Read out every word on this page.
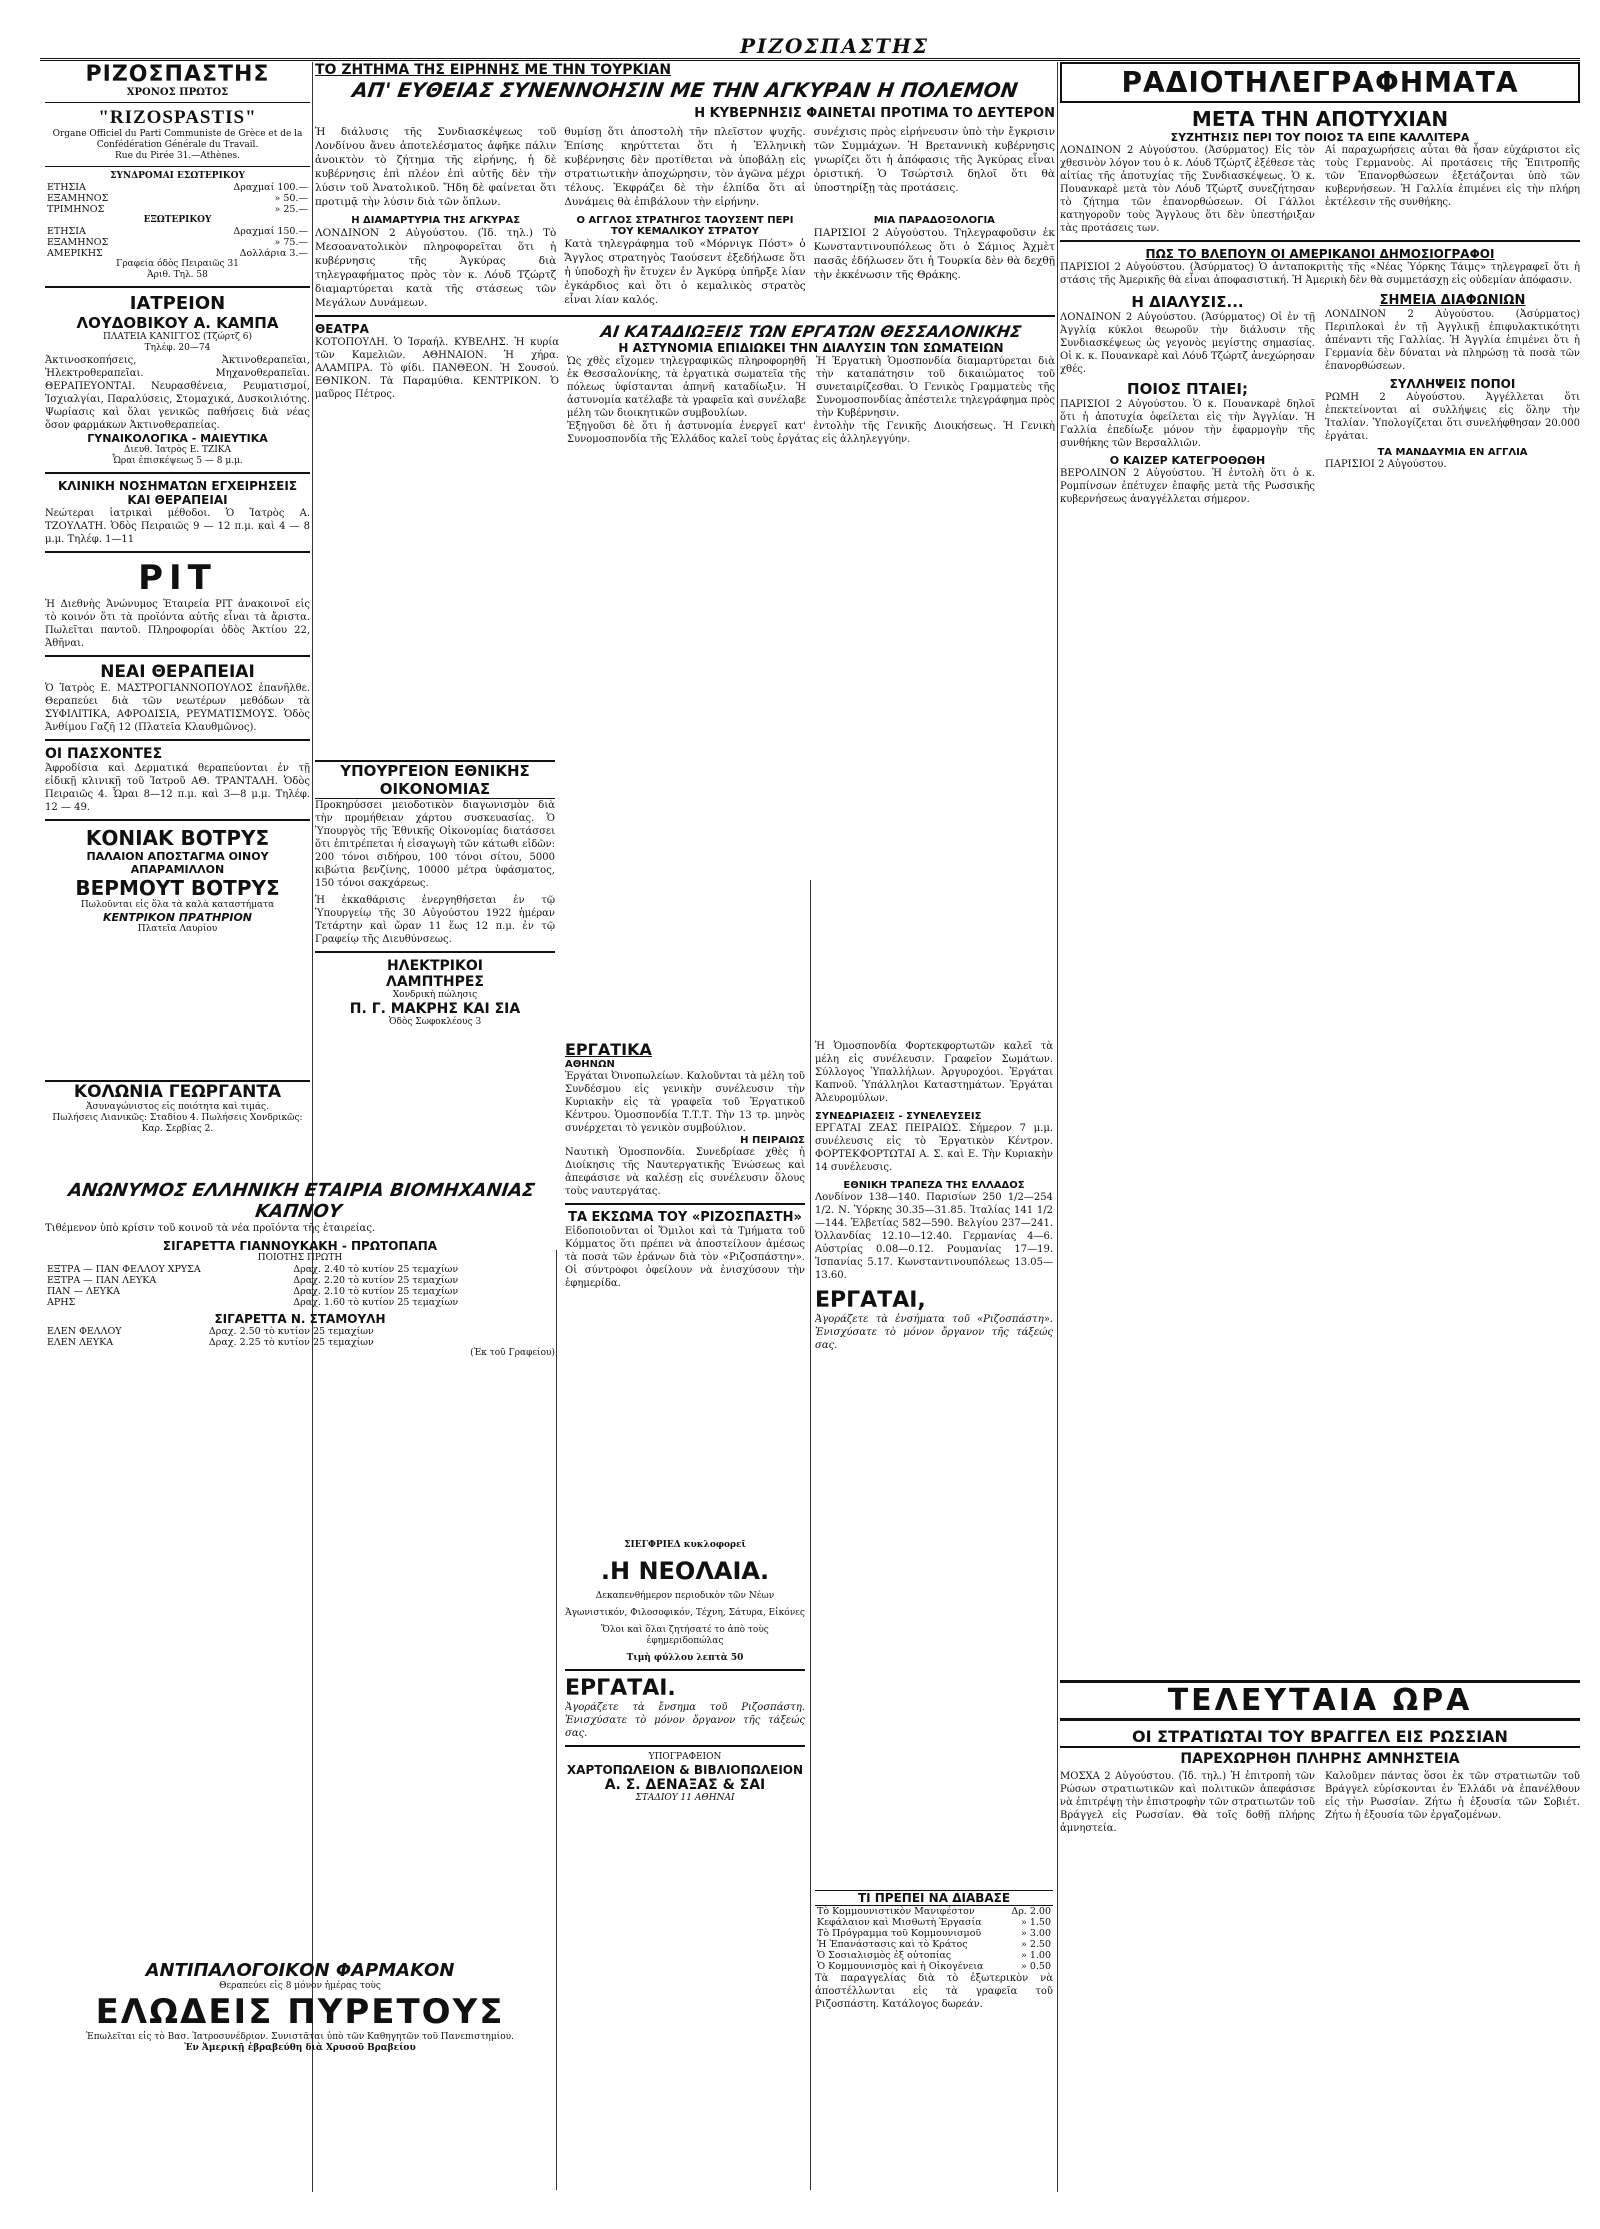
ΡΙΖΟΣΠΑΣΤΗΣ
ΡΙΖΟΣΠΑΣΤΗΣ
ΧΡΟΝΟΣ ΠΡΩΤΟΣ
"RIZOSPASTIS"
Organe Officiel du Parti Communiste de Grèce et de la Confédération Générale du Travail.
Rue du Pirée 31.—Athènes.
ΣΥΝΔΡΟΜΑΙ ΕΣΩΤΕΡΙΚΟΥ
ΕΤΗΣΙΑ	Δραχμαί 100.—
ΕΞΑΜΗΝΟΣ	» 50.—
ΤΡΙΜΗΝΟΣ	» 25.—
ΕΞΩΤΕΡΙΚΟΥ
ΕΤΗΣΙΑ	Δραχμαί 150.—
ΕΞΑΜΗΝΟΣ	» 75.—
ΑΜΕΡΙΚΗΣ	Δολλάρια 3.—
Γραφεία όδὸς Πειραιῶς 31
Ἀριθ. Τηλ. 58
ΙΑΤΡΕΙΟΝ
ΛΟΥΔΟΒΙΚΟΥ Α. ΚΑΜΠΑ
ΠΛΑΤΕΙΑ ΚΑΝΙΓΓΟΣ (Τζώρτζ 6)
Τηλέφ. 20—74
Ἀκτινοσκοπήσεις, Ἀκτινοθεραπεῖαι, Ἠλεκτροθεραπεῖαι. Μηχανοθεραπεῖαι. ΘΕΡΑΠΕΥΟΝΤΑΙ. Νευρασθένεια, Ρευματισμοί, Ἰσχιαλγίαι, Παραλύσεις, Στομαχικά, Δυσκοιλιότης. Ψωρίασις καὶ ὅλαι γενικῶς παθήσεις διὰ νέας ὅσον φαρμάκων Ἀκτινοθεραπείας.
ΓΥΝΑΙΚΟΛΟΓΙΚΑ - ΜΑΙΕΥΤΙΚΑ
Διευθ. Ἰατρὸς Ε. ΤΖΙΚΑ
Ὧραι ἐπισκέψεως 5 — 8 μ.μ.
ΚΛΙΝΙΚΗ ΝΟΣΗΜΑΤΩΝ ΕΓΧΕΙΡΗΣΕΙΣ ΚΑΙ ΘΕΡΑΠΕΙΑΙ
Νεώτεραι ἰατρικαὶ μέθοδοι. Ὁ Ἰατρὸς Α. ΤΖΟΥΛΑΤΗ. Ὁδὸς Πειραιῶς 9 — 12 π.μ. καὶ 4 — 8 μ.μ. Τηλέφ. 1—11
ΡΙΤ
Ἡ Διεθνὴς Ἀνώνυμος Ἑταιρεία ΡΙΤ ἀνακοινοῖ εἰς τὸ κοινόν ὅτι τὰ προϊόντα αὐτῆς εἶναι τὰ ἄριστα. Πωλεῖται παντοῦ. Πληροφορίαι ὁδὸς Ἀκτίου 22, Ἀθῆναι.
ΝΕΑΙ ΘΕΡΑΠΕΙΑΙ
Ὁ Ἰατρὸς Ε. ΜΑΣΤΡΟΓΙΑΝΝΟΠΟΥΛΟΣ ἐπανῆλθε. Θεραπεύει διὰ τῶν νεωτέρων μεθόδων τὰ ΣΥΦΙΛΙΤΙΚΑ, ΑΦΡΟΔΙΣΙΑ, ΡΕΥΜΑΤΙΣΜΟΥΣ. Ὁδὸς Ἀνθίμου Γαζῆ 12 (Πλατεῖα Κλαυθμῶνος).
ΟΙ ΠΑΣΧΟΝΤΕΣ
Ἀφροδίσια καὶ Δερματικά θεραπεύονται ἐν τῇ εἰδικῇ κλινικῇ τοῦ Ἰατροῦ ΑΘ. ΤΡΑΝΤΑΛΗ. Ὁδὸς Πειραιῶς 4. Ὧραι 8—12 π.μ. καὶ 3—8 μ.μ. Τηλέφ. 12 — 49.
ΚΟΝΙΑΚ ΒΟΤΡΥΣ
ΠΑΛΑΙΟΝ ΑΠΟΣΤΑΓΜΑ ΟΙΝΟΥ ΑΠΑΡΑΜΙΛΛΟΝ
ΒΕΡΜΟΥΤ ΒΟΤΡΥΣ
Πωλοῦνται εἰς ὅλα τὰ καλὰ καταστήματα
ΚΕΝΤΡΙΚΟΝ ΠΡΑΤΗΡΙΟΝ
Πλατεῖα Λαυρίου
ΤΟ ΖΗΤΗΜΑ ΤΗΣ ΕΙΡΗΝΗΣ ΜΕ ΤΗΝ ΤΟΥΡΚΙΑΝ
ΑΠ' ΕΥΘΕΙΑΣ ΣΥΝΕΝΝΟΗΣΙΝ ΜΕ ΤΗΝ ΑΓΚΥΡΑΝ Η ΠΟΛΕΜΟΝ
Η ΚΥΒΕΡΝΗΣΙΣ ΦΑΙΝΕΤΑΙ ΠΡΟΤΙΜΑ ΤΟ ΔΕΥΤΕΡΟΝ
Ἡ διάλυσις τῆς Συνδιασκέψεως τοῦ Λονδίνου ἄνευ ἀποτελέσματος ἀφῆκε πάλιν ἀνοικτὸν τὸ ζήτημα τῆς εἰρήνης, ἡ δὲ κυβέρνησις ἐπὶ πλέον ἐπὶ αὐτῆς δὲν τὴν λύσιν τοῦ Ἀνατολικοῦ. Ἤδη δὲ φαίνεται ὅτι προτιμᾷ τὴν λύσιν διὰ τῶν ὅπλων.
θυμίσῃ ὅτι ἀποστολὴ τῆν πλεῖστον ψυχῆς. Ἐπίσης κηρύττεται ὅτι ἡ Ἑλληνικὴ κυβέρνησις δὲν προτίθεται νὰ ὑποβάλῃ εἰς στρατιωτικὴν ἀποχώρησιν, τὸν ἀγῶνα μέχρι τέλους. Ἐκφράζει δὲ τὴν ἐλπίδα ὅτι αἱ Δυνάμεις θὰ ἐπιβάλουν τὴν εἰρήνην.
συνέχισις πρὸς εἰρήνευσιν ὑπὸ τὴν ἔγκρισιν τῶν Συμμάχων. Ἡ Βρεταννικὴ κυβέρνησις γνωρίζει ὅτι ἡ ἀπόφασις τῆς Ἀγκύρας εἶναι ὁριστική. Ὁ Τσώρτσιλ δηλοῖ ὅτι θὰ ὑποστηρίξῃ τὰς προτάσεις.
Η ΔΙΑΜΑΡΤΥΡΙΑ ΤΗΣ ΑΓΚΥΡΑΣ
ΛΟΝΔΙΝΟΝ 2 Αὐγούστου. (Ἰδ. τηλ.) Τὸ Μεσοανατολικὸν πληροφορεῖται ὅτι ἡ κυβέρνησις τῆς Ἀγκύρας διὰ τηλεγραφήματος πρὸς τὸν κ. Λόυδ Τζώρτζ διαμαρτύρεται κατὰ τῆς στάσεως τῶν Μεγάλων Δυνάμεων.
Ο ΑΓΓΛΟΣ ΣΤΡΑΤΗΓΟΣ ΤΑΟΥΣΕΝΤ ΠΕΡΙ ΤΟΥ ΚΕΜΑΛΙΚΟΥ ΣΤΡΑΤΟΥ
Κατὰ τηλεγράφημα τοῦ «Μόρνιγκ Πόστ» ὁ Ἄγγλος στρατηγὸς Ταούσεντ ἐξεδήλωσε ὅτι ἡ ὑποδοχὴ ἣν ἔτυχεν ἐν Ἀγκύρᾳ ὑπῆρξε λίαν ἐγκάρδιος καὶ ὅτι ὁ κεμαλικὸς στρατὸς εἶναι λίαν καλός.
ΜΙΑ ΠΑΡΑΔΟΞΟΛΟΓΙΑ
ΠΑΡΙΣΙΟΙ 2 Αὐγούστου. Τηλεγραφοῦσιν ἐκ Κωνσταντινουπόλεως ὅτι ὁ Σάμιος Ἀχμὲτ πασᾶς ἐδήλωσεν ὅτι ἡ Τουρκία δὲν θὰ δεχθῇ τὴν ἐκκένωσιν τῆς Θράκης.
ΘΕΑΤΡΑ
ΚΟΤΟΠΟΥΛΗ. Ὁ Ἰσραήλ. ΚΥΒΕΛΗΣ. Ἡ κυρία τῶν Καμελιῶν. ΑΘΗΝΑΙΟΝ. Ἡ χήρα. ΑΛΑΜΠΡΑ. Τὸ φίδι. ΠΑΝΘΕΟΝ. Ἡ Σουσού. ΕΘΝΙΚΟΝ. Τὰ Παραμύθια. ΚΕΝΤΡΙΚΟΝ. Ὁ μαῦρος Πέτρος.
ΑΙ ΚΑΤΑΔΙΩΞΕΙΣ ΤΩΝ ΕΡΓΑΤΩΝ ΘΕΣΣΑΛΟΝΙΚΗΣ
Η ΑΣΤΥΝΟΜΙΑ ΕΠΙΔΙΩΚΕΙ ΤΗΝ ΔΙΑΛΥΣΙΝ ΤΩΝ ΣΩΜΑΤΕΙΩΝ
Ὡς χθὲς εἴχομεν τηλεγραφικῶς πληροφορηθῆ ἐκ Θεσσαλονίκης, τὰ ἐργατικὰ σωματεῖα τῆς πόλεως ὑφίστανται ἀπηνῆ καταδίωξιν. Ἡ ἀστυνομία κατέλαβε τὰ γραφεῖα καὶ συνέλαβε μέλη τῶν διοικητικῶν συμβουλίων.
Ἡ Ἐργατικὴ Ὁμοσπονδία διαμαρτύρεται διὰ τὴν καταπάτησιν τοῦ δικαιώματος τοῦ συνεταιρίζεσθαι. Ὁ Γενικὸς Γραμματεὺς τῆς Συνομοσπονδίας ἀπέστειλε τηλεγράφημα πρὸς τὴν Κυβέρνησιν.
Ἐξηγοῦσι δὲ ὅτι ἡ ἀστυνομία ἐνεργεῖ κατ' ἐντολὴν τῆς Γενικῆς Διοικήσεως. Ἡ Γενικὴ Συνομοσπονδία τῆς Ἑλλάδος καλεῖ τοὺς ἐργάτας εἰς ἀλληλεγγύην.
ΥΠΟΥΡΓΕΙΟΝ ΕΘΝΙΚΗΣ ΟΙΚΟΝΟΜΙΑΣ
Προκηρύσσει μειοδοτικὸν διαγωνισμὸν διὰ τὴν προμήθειαν χάρτου συσκευασίας. Ὁ Ὑπουργὸς τῆς Ἐθνικῆς Οἰκονομίας διατάσσει ὅτι ἐπιτρέπεται ἡ εἰσαγωγὴ τῶν κάτωθι εἰδῶν: 200 τόνοι σιδήρου, 100 τόνοι σίτου, 5000 κιβώτια βενζίνης, 10000 μέτρα ὑφάσματος, 150 τόνοι σακχάρεως.
Ἡ ἐκκαθάρισις ἐνεργηθήσεται ἐν τῷ Ὑπουργείῳ τῆς 30 Αὐγούστου 1922 ἡμέραν Τετάρτην καὶ ὥραν 11 ἕως 12 π.μ. ἐν τῷ Γραφείῳ τῆς Διευθύνσεως.
ΗΛΕΚΤΡΙΚΟΙ
ΛΑΜΠΤΗΡΕΣ
Χονδρικὴ πώλησις
Π. Γ. ΜΑΚΡΗΣ ΚΑΙ ΣΙΑ
Ὁδὸς Σωφοκλέους 3
ΕΡΓΑΤΙΚΑ
ΑΘΗΝΩΝ
Ἐργάται Ὀινοπωλείων. Καλοῦνται τὰ μέλη τοῦ Συνδέσμου εἰς γενικὴν συνέλευσιν τὴν Κυριακὴν εἰς τὰ γραφεῖα τοῦ Ἐργατικοῦ Κέντρου. Ὁμοσπονδία Τ.Τ.Τ. Τὴν 13 τρ. μηνὸς συνέρχεται τὸ γενικὸν συμβούλιον.
Η ΠΕΙΡΑΙΩΣ
Ναυτικὴ Ὁμοσπονδία. Συνεδρίασε χθὲς ἡ Διοίκησις τῆς Ναυτεργατικῆς Ἑνώσεως καὶ ἀπεφάσισε νὰ καλέσῃ εἰς συνέλευσιν ὅλους τοὺς ναυτεργάτας.
ΤΑ ΕΚΣΩΜΑ ΤΟΥ «ΡΙΖΟΣΠΑΣΤΗ»
Εἰδοποιοῦνται οἱ Ὅμιλοι καὶ τὰ Τμήματα τοῦ Κόμματος ὅτι πρέπει νὰ ἀποστείλουν ἀμέσως τὰ ποσὰ τῶν ἐράνων διὰ τὸν «Ριζοσπάστην». Οἱ σύντροφοι ὀφείλουν νὰ ἐνισχύσουν τὴν ἐφημερίδα.
Ἡ Ὁμοσπονδία Φορτεκφορτωτῶν καλεῖ τὰ μέλη εἰς συνέλευσιν. Γραφεῖον Σωμάτων. Σύλλογος Ὑπαλλήλων. Ἀργυροχόοι. Ἐργάται Καπνοῦ. Ὑπάλληλοι Καταστημάτων. Ἐργάται Ἀλευρομύλων.
ΣΥΝΕΔΡΙΑΣΕΙΣ - ΣΥΝΕΛΕΥΣΕΙΣ
ΕΡΓΑΤΑΙ ΖΕΑΣ ΠΕΙΡΑΙΩΣ. Σήμερον 7 μ.μ. συνέλευσις εἰς τὸ Ἐργατικὸν Κέντρον. ΦΟΡΤΕΚΦΟΡΤΩΤΑΙ Α. Σ. καὶ Ε. Τὴν Κυριακὴν 14 συνέλευσις.
ΕΘΝΙΚΗ ΤΡΑΠΕΖΑ ΤΗΣ ΕΛΛΑΔΟΣ
Λονδίνον 138—140. Παρισίων 250 1/2—254 1/2. Ν. Ὑόρκης 30.35—31.85. Ἰταλίας 141 1/2—144. Ἑλβετίας 582—590. Βελγίου 237—241. Ὀλλανδίας 12.10—12.40. Γερμανίας 4—6. Αὐστρίας 0.08—0.12. Ρουμανίας 17—19. Ἰσπανίας 5.17. Κωνσταντινουπόλεως 13.05—13.60.
ΕΡΓΑΤΑΙ,
Ἀγοράζετε τὰ ἐνσήματα τοῦ «Ριζοσπάστη». Ἐνισχύσατε τὸ μόνον ὄργανον τῆς τάξεώς σας.
ΡΑΔΙΟΤΗΛΕΓΡΑΦΗΜΑΤΑ
ΜΕΤΑ ΤΗΝ ΑΠΟΤΥΧΙΑΝ
ΣΥΖΗΤΗΣΙΣ ΠΕΡΙ ΤΟΥ ΠΟΙΟΣ ΤΑ ΕΙΠΕ ΚΑΛΛΙΤΕΡΑ
ΛΟΝΔΙΝΟΝ 2 Αὐγούστου. (Ἀσύρματος) Εἰς τὸν χθεσινὸν λόγον του ὁ κ. Λόυδ Τζώρτζ ἐξέθεσε τὰς αἰτίας τῆς ἀποτυχίας τῆς Συνδιασκέψεως. Ὁ κ. Πουανκαρὲ μετὰ τὸν Λόυδ Τζώρτζ συνεζήτησαν τὸ ζήτημα τῶν ἐπανορθώσεων. Οἱ Γάλλοι κατηγοροῦν τοὺς Ἄγγλους ὅτι δὲν ὑπεστήριξαν τὰς προτάσεις των.
Αἱ παραχωρήσεις αὗται θὰ ἦσαν εὐχάριστοι εἰς τοὺς Γερμανοὺς. Αἱ προτάσεις τῆς Ἐπιτροπῆς τῶν Ἐπανορθώσεων ἐξετάζονται ὑπὸ τῶν κυβερνήσεων. Ἡ Γαλλία ἐπιμένει εἰς τὴν πλήρη ἐκτέλεσιν τῆς συνθήκης.
ΠΩΣ ΤΟ ΒΛΕΠΟΥΝ ΟΙ ΑΜΕΡΙΚΑΝΟΙ ΔΗΜΟΣΙΟΓΡΑΦΟΙ
ΠΑΡΙΣΙΟΙ 2 Αὐγούστου. (Ἀσύρματος) Ὁ ἀνταποκριτὴς τῆς «Νέας Ὑόρκης Τάιμς» τηλεγραφεῖ ὅτι ἡ στάσις τῆς Ἀμερικῆς θὰ εἶναι ἀποφασιστική. Ἡ Ἀμερικὴ δὲν θὰ συμμετάσχῃ εἰς οὐδεμίαν ἀπόφασιν.
Η ΔΙΑΛΥΣΙΣ...
ΛΟΝΔΙΝΟΝ 2 Αὐγούστου. (Ἀσύρματος) Οἱ ἐν τῇ Ἀγγλίᾳ κύκλοι θεωροῦν τὴν διάλυσιν τῆς Συνδιασκέψεως ὡς γεγονὸς μεγίστης σημασίας. Οἱ κ. κ. Πουανκαρὲ καὶ Λόυδ Τζώρτζ ἀνεχώρησαν χθές.
ΠΟΙΟΣ ΠΤΑΙΕΙ;
ΠΑΡΙΣΙΟΙ 2 Αὐγούστου. Ὁ κ. Πουανκαρὲ δηλοῖ ὅτι ἡ ἀποτυχία ὀφείλεται εἰς τὴν Ἀγγλίαν. Ἡ Γαλλία ἐπεδίωξε μόνον τὴν ἐφαρμογὴν τῆς συνθήκης τῶν Βερσαλλιῶν.
Ο ΚΑΙΖΕΡ ΚΑΤΕΓΡΟΘΩΘΗ
ΒΕΡΟΛΙΝΟΝ 2 Αὐγούστου. Ἡ ἐντολὴ ὅτι ὁ κ. Ρομπίνσων ἐπέτυχεν ἐπαφῆς μετὰ τῆς Ρωσσικῆς κυβερνήσεως ἀναγγέλλεται σήμερον.
ΣΗΜΕΙΑ ΔΙΑΦΩΝΙΩΝ
ΛΟΝΔΙΝΟΝ 2 Αὐγούστου. (Ἀσύρματος) Περιπλοκαὶ ἐν τῇ Ἀγγλικῇ ἐπιφυλακτικότητι ἀπέναντι τῆς Γαλλίας. Ἡ Ἀγγλία ἐπιμένει ὅτι ἡ Γερμανία δὲν δύναται νὰ πληρώσῃ τὰ ποσὰ τῶν ἐπανορθώσεων.
ΣΥΛΛΗΨΕΙΣ ΠΟΠΟΙ
ΡΩΜΗ 2 Αὐγούστου. Ἀγγέλλεται ὅτι ἐπεκτείνονται αἱ συλλήψεις εἰς ὅλην τὴν Ἰταλίαν. Ὑπολογίζεται ὅτι συνελήφθησαν 20.000 ἐργάται.
ΤΑ ΜΑΝΔΑΥΜΙΑ ΕΝ ΑΓΓΛΙΑ
ΠΑΡΙΣΙΟΙ 2 Αὐγούστου.
ΤΕΛΕΥΤΑΙΑ ΩΡΑ
ΟΙ ΣΤΡΑΤΙΩΤΑΙ ΤΟΥ ΒΡΑΓΓΕΛ ΕΙΣ ΡΩΣΣΙΑΝ
ΠΑΡΕΧΩΡΗΘΗ ΠΛΗΡΗΣ ΑΜΝΗΣΤΕΙΑ
ΜΟΣΧΑ 2 Αὐγούστου. (Ἰδ. τηλ.) Ἡ ἐπιτροπὴ τῶν Ρώσων στρατιωτικῶν καὶ πολιτικῶν ἀπεφάσισε νὰ ἐπιτρέψῃ τὴν ἐπιστροφὴν τῶν στρατιωτῶν τοῦ Βράγγελ εἰς Ρωσσίαν. Θὰ τοῖς δοθῇ πλήρης ἀμνηστεία.
Καλοῦμεν πάντας ὅσοι ἐκ τῶν στρατιωτῶν τοῦ Βράγγελ εὑρίσκονται ἐν Ἑλλάδι νὰ ἐπανέλθουν εἰς τὴν Ρωσσίαν. Ζήτω ἡ ἐξουσία τῶν Σοβιέτ. Ζήτω ἡ ἐξουσία τῶν ἐργαζομένων.
ΚΟΛΩΝΙΑ ΓΕΩΡΓΑΝΤΑ
Ἀσυναγώνιστος εἰς ποιότητα καὶ τιμάς.
Πωλήσεις Λιανικῶς: Σταδίου 4. Πωλήσεις Χονδρικῶς: Καρ. Σερβίας 2.
ΑΝΩΝΥΜΟΣ ΕΛΛΗΝΙΚΗ ΕΤΑΙΡΙΑ ΒΙΟΜΗΧΑΝΙΑΣ ΚΑΠΝΟΥ
Τιθέμενον ὑπὸ κρίσιν τοῦ κοινοῦ τὰ νέα προϊόντα τῆς ἑταιρείας.
ΣΙΓΑΡΕΤΤΑ ΓΙΑΝΝΟΥΚΑΚΗ - ΠΡΩΤΟΠΑΠΑ
ΠΟΙΟΤΗΣ ΠΡΩΤΗ
ΕΞΤΡΑ — ΠΑΝ ΦΕΛΛΟΥ ΧΡΥΣΑ	Δραχ. 2.40 τὸ κυτίον 25 τεμαχίων
ΕΞΤΡΑ — ΠΑΝ ΛΕΥΚΑ	Δραχ. 2.20 τὸ κυτίον 25 τεμαχίων
ΠΑΝ — ΛΕΥΚΑ	Δραχ. 2.10 τὸ κυτίον 25 τεμαχίων
ΑΡΗΣ	Δραχ. 1.60 τὸ κυτίον 25 τεμαχίων
ΣΙΓΑΡΕΤΤΑ Ν. ΣΤΑΜΟΥΛΗ
ΕΛΕΝ ΦΕΛΛΟΥ	Δραχ. 2.50 τὸ κυτίον 25 τεμαχίων
ΕΛΕΝ ΛΕΥΚΑ	Δραχ. 2.25 τὸ κυτίον 25 τεμαχίων
(Ἐκ τοῦ Γραφείου)
ΑΝΤΙΠΑΛΟΓΟΙΚΟΝ ΦΑΡΜΑΚΟΝ
Θεραπεύει εἰς 8 μόνον ἡμέρας τοὺς
ΕΛΩΔΕΙΣ ΠΥΡΕΤΟΥΣ
Ἐπωλεῖται εἰς τὸ Βασ. Ἰατροσυνέδριον. Συνιστᾶται ὑπὸ τῶν Καθηγητῶν τοῦ Πανεπιστημίου.
Ἐν Ἀμερικῇ ἐβραβεύθη διὰ Χρυσοῦ Βραβείου
ΣΙΕΓΦΡΙΕΔ κυκλοφορεῖ
.Η ΝΕΟΛΑΙΑ.
Δεκαπενθήμερον περιοδικὸν τῶν Νέων
Ἀγωνιστικόν, Φιλοσοφικόν, Τέχνη, Σάτυρα, Εἰκόνες
Ὅλοι καὶ ὅλαι ζητήσατέ το ἀπὸ τοὺς ἐφημεριδοπώλας
Τιμὴ φύλλου λεπτὰ 50
ΕΡΓΑΤΑΙ.
Ἀγοράζετε τὰ ἔνσημα τοῦ Ριζοσπάστη. Ἐνισχύσατε τὸ μόνον ὄργανον τῆς τάξεώς σας.
ΥΠΟΓΡΑΦΕΙΟΝ
ΧΑΡΤΟΠΩΛΕΙΟΝ & ΒΙΒΛΙΟΠΩΛΕΙΟΝ
Α. Σ. ΔΕΝΑΞΑΣ & ΣΑΙ
ΣΤΑΔΙΟΥ 11 ΑΘΗΝΑΙ
ΤΙ ΠΡΕΠΕΙ ΝΑ ΔΙΑΒΑΣΕ
Τὸ Κομμουνιστικὸν Μανιφέστον	Δρ. 2.00
Κεφάλαιον καὶ Μισθωτὴ Ἐργασία	» 1.50
Τὸ Πρόγραμμα τοῦ Κομμουνισμοῦ	» 3.00
Ἡ Ἐπανάστασις καὶ τὸ Κράτος	» 2.50
Ὁ Σοσιαλισμὸς ἐξ οὐτοπίας	» 1.00
Ὁ Κομμουνισμὸς καὶ ἡ Οἰκογένεια	» 0.50
Τὰ παραγγελίας διὰ τὸ ἐξωτερικὸν νὰ ἀποστέλλωνται εἰς τὰ γραφεῖα τοῦ Ριζοσπάστη. Κατάλογος δωρεάν.
